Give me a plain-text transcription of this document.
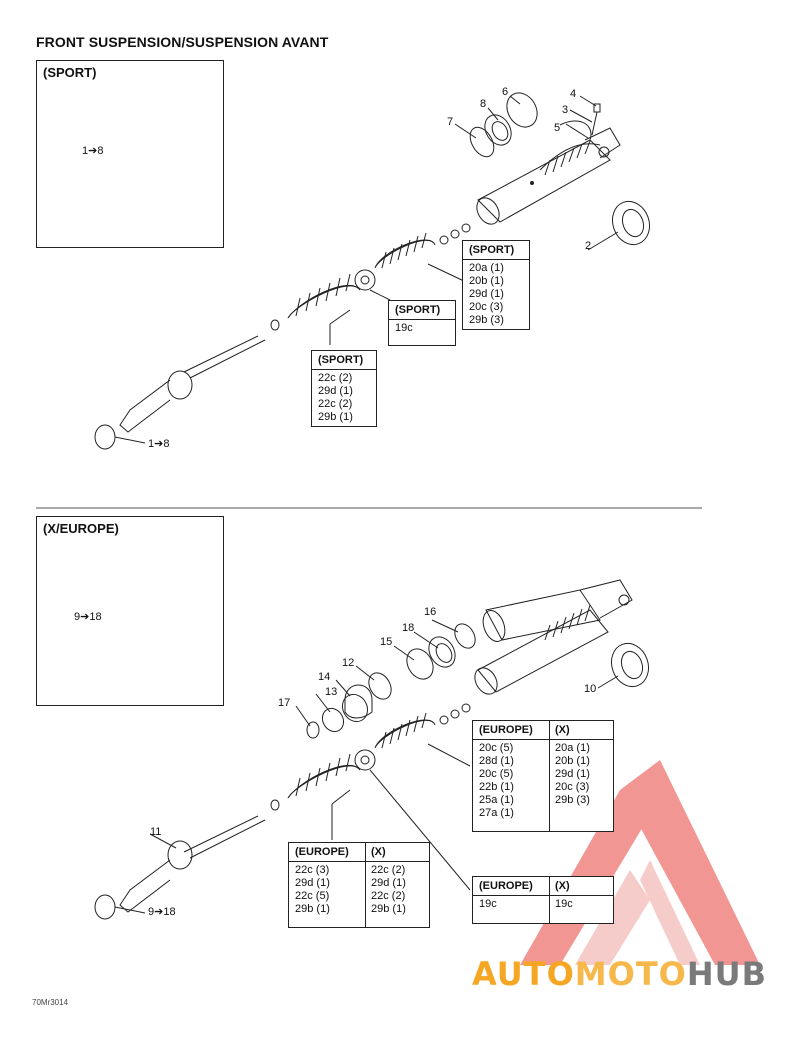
FRONT SUSPENSION/SUSPENSION AVANT
(SPORT)
1➔8
1➔8
2
3
4
5
6
7
8
(SPORT)
20a (1)
20b (1)
29d (1)
20c (3)
29b (3)
(SPORT)
19c
(SPORT)
22c (2)
29d (1)
22c (2)
29b (1)
(X/EUROPE)
9➔18
9➔18
10
11
12
13
14
15
16
17
18
(EUROPE)
20c (5)
28d (1)
20c (5)
22b (1)
25a (1)
27a (1)
(X)
20a (1)
20b (1)
29d (1)
20c (3)
29b (3)
(EUROPE)
22c (3)
29d (1)
22c (5)
29b (1)
(X)
22c (2)
29d (1)
22c (2)
29b (1)
(EUROPE)
19c
(X)
19c
70Mr3014
AUTOMOTOHUB
